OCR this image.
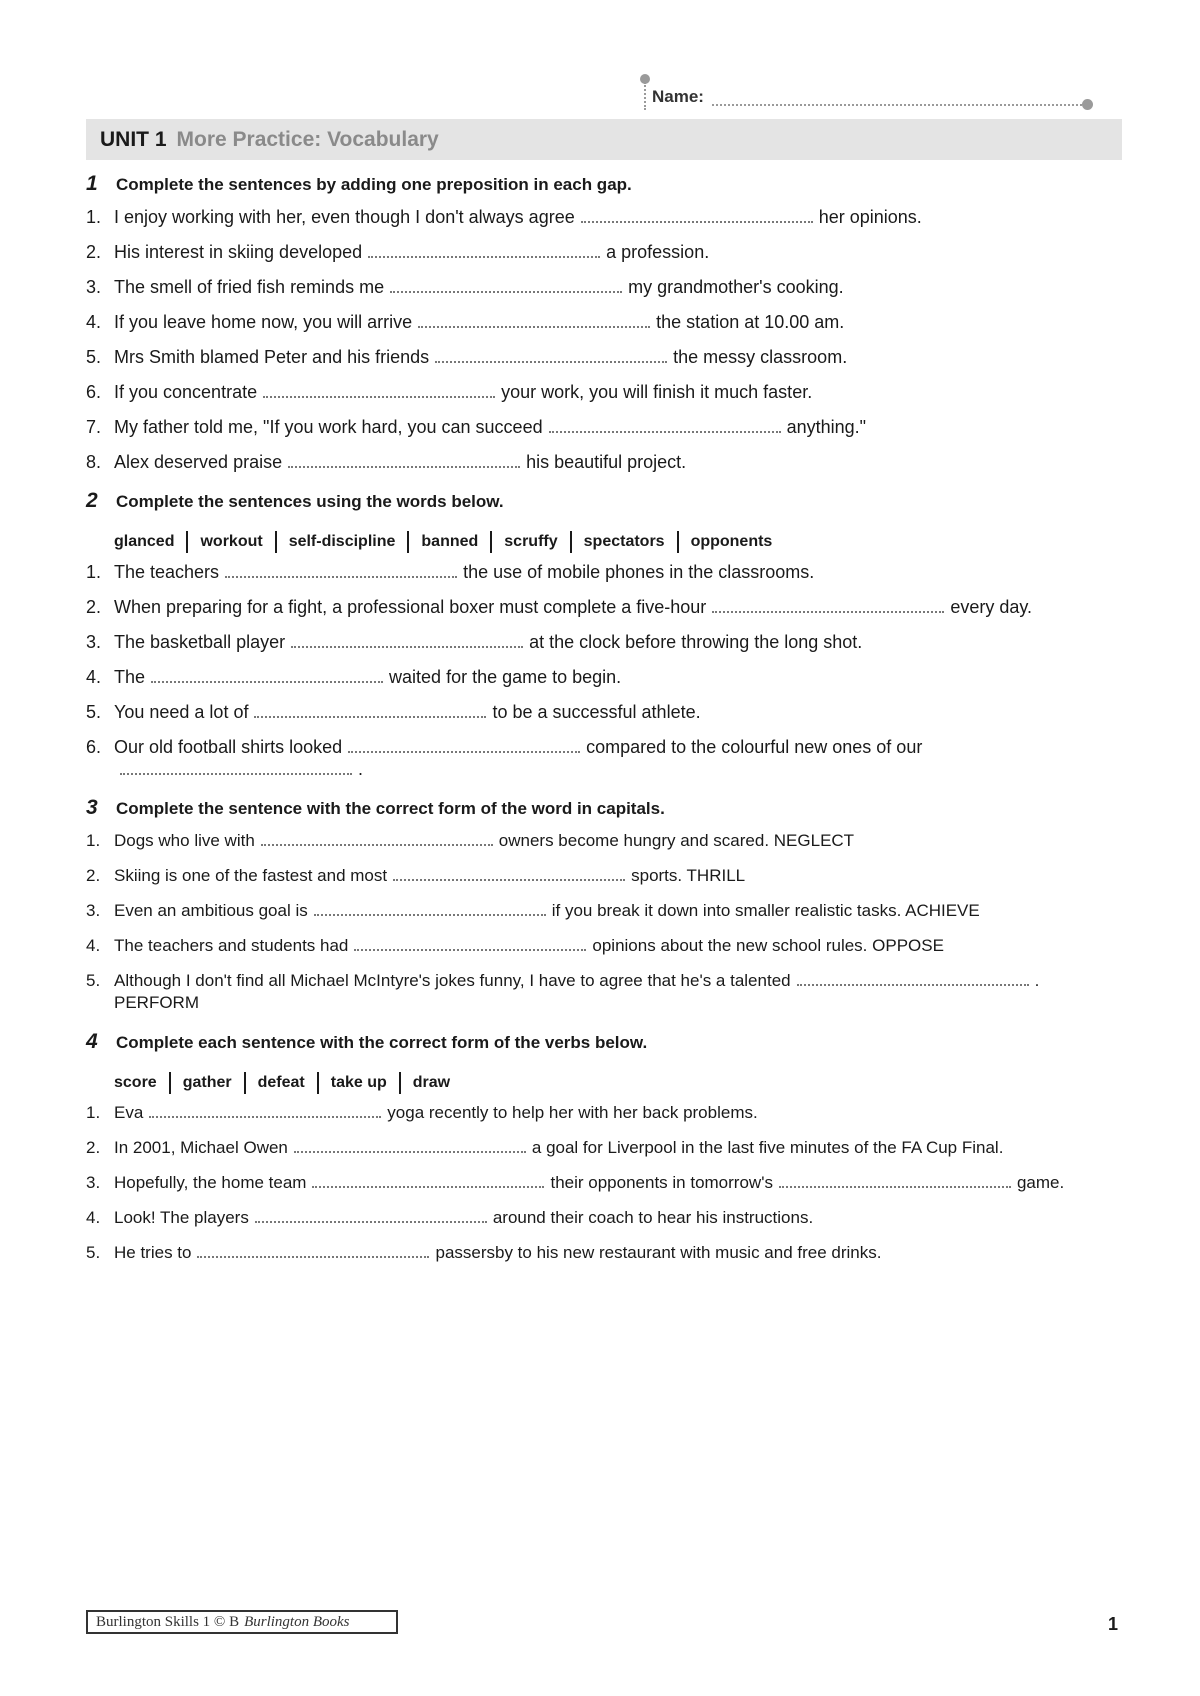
Name:
UNIT 1 More Practice: Vocabulary
1	Complete the sentences by adding one preposition in each gap.
1. I enjoy working with her, even though I don't always agree	her opinions.
2. His interest in skiing developed	a profession.
3. The smell of fried fish reminds me	my grandmother's cooking.
4. If you leave home now, you will arrive	the station at 10.00 am.
5. Mrs Smith blamed Peter and his friends	the messy classroom.
6. If you concentrate	your work, you will finish it much faster.
7. My father told me, "If you work hard, you can succeed	anything."
8. Alex deserved praise	his beautiful project.
2	Complete the sentences using the words below.
glanced	workout	self-discipline	banned	scruffy	spectators	opponents
1. The teachers	the use of mobile phones in the classrooms.
2. When preparing for a fight, a professional boxer must complete a five-hour	every day.
3. The basketball player	at the clock before throwing the long shot.
4. The	waited for the game to begin.
5. You need a lot of	to be a successful athlete.
6. Our old football shirts looked	compared to the colourful new ones of our.
3	Complete the sentence with the correct form of the word in capitals.
1. Dogs who live with	owners become hungry and scared. NEGLECT
2. Skiing is one of the fastest and most	sports. THRILL
3. Even an ambitious goal is	if you break it down into smaller realistic tasks. ACHIEVE
4. The teachers and students had	opinions about the new school rules. OPPOSE
5. Although I don't find all Michael McIntyre's jokes funny, I have to agree that he's a talented	. PERFORM
4	Complete each sentence with the correct form of the verbs below.
score	gather	defeat	take up	draw
1. Eva	yoga recently to help her with her back problems.
2. In 2001, Michael Owen	a goal for Liverpool in the last five minutes of the FA Cup Final.
3. Hopefully, the home team	their opponents in tomorrow's	game.
4. Look! The players	around their coach to hear his instructions.
5. He tries to	passersby to his new restaurant with music and free drinks.
Burlington Skills 1 © B Burlington Books	1
